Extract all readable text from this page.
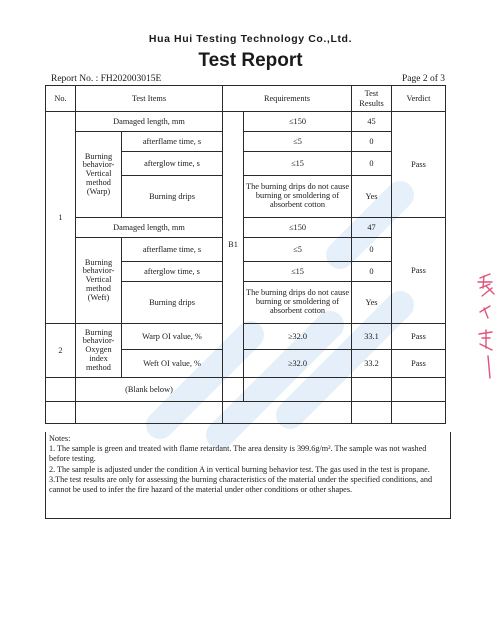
Hua Hui Testing Technology Co.,Ltd.
Test Report
Report No. : FH202003015E	Page 2 of 3
No.	Test Items		Requirements		Test Results	Verdict
1	Damaged length, mm		B1	≤150	45	Pass
	Burning behavior-Vertical method (Warp)	afterflame time, s		≤5	0	
		afterglow time, s		≤15	0	
		Burning drips		The burning drips do not cause burning or smoldering of absorbent cotton	Yes	
	Damaged length, mm			≤150	47	Pass
	Burning behavior-Vertical method (Weft)	afterflame time, s		≤5	0	
		afterglow time, s		≤15	0	
		Burning drips		The burning drips do not cause burning or smoldering of absorbent cotton	Yes	
2	Burning behavior-Oxygen index method	Warp OI value, %		≥32.0	33.1	Pass
		Weft OI value, %		≥32.0	33.2	Pass
	(Blank below)					

Notes:

1. The sample is green and treated with flame retardant. The area density is 399.6g/m². The sample was not washed before testing.

2. The sample is adjusted under the condition A in vertical burning behavior test. The gas used in the test is propane.

3.The test results are only for assessing the burning characteristics of the material under the specified conditions, and cannot be used to infer the fire hazard of the material under other conditions or other shapes.
